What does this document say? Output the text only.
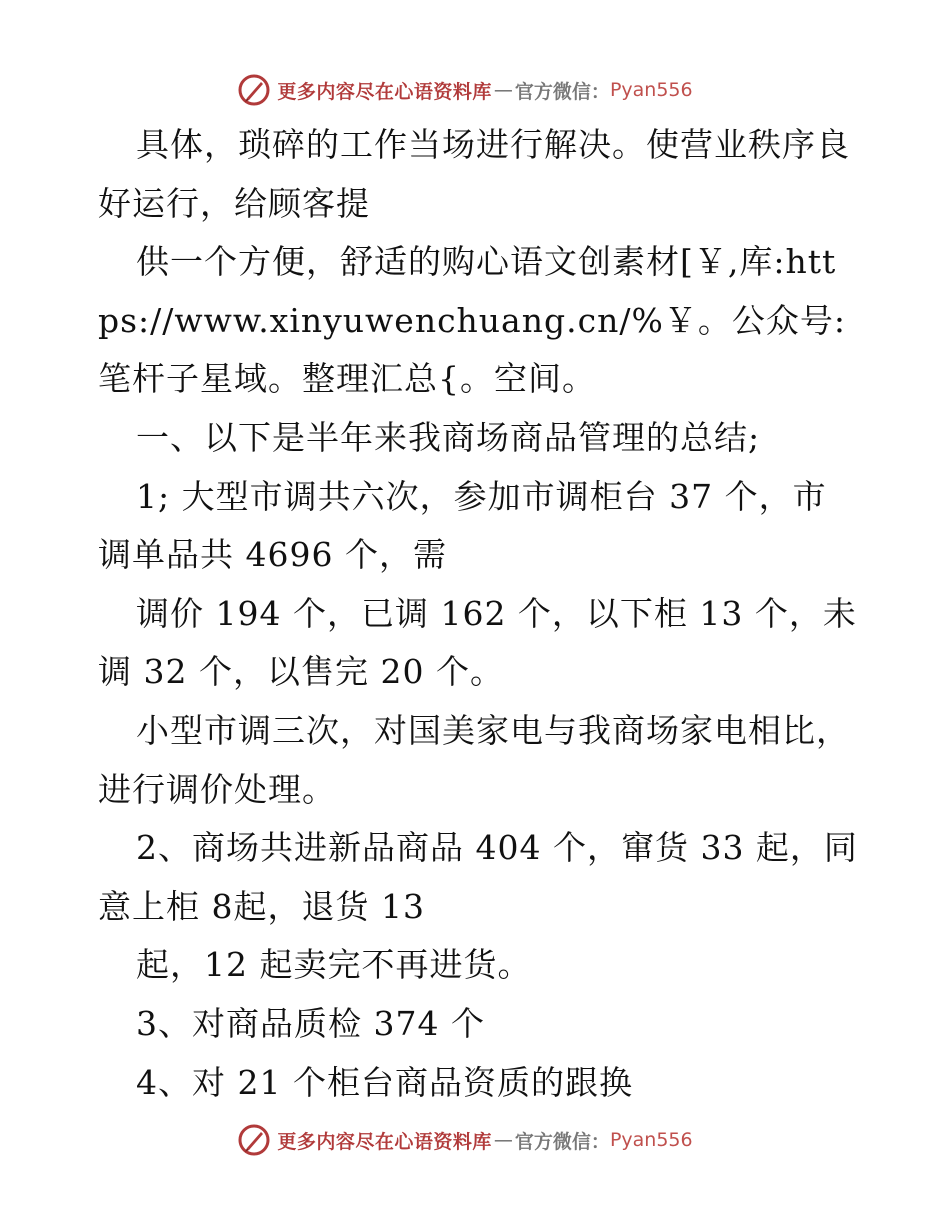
更多内容尽在心语资料库 — 官方微信： Pyan556

具体，琐碎的工作当场进行解决。使营业秩序良好运行，给顾客提

供一个方便，舒适的购心语文创素材[￥,库:https://www.xinyuwenchuang.cn/%￥。公众号:笔杆子星域。整理汇总{。空间。

一、以下是半年来我商场商品管理的总结;

1; 大型市调共六次，参加市调柜台 37 个，市调单品共 4696 个，需

调价 194 个，已调 162 个，以下柜 13 个，未调 32 个，以售完 20 个。

小型市调三次，对国美家电与我商场家电相比，进行调价处理。

2、商场共进新品商品 404 个，窜货 33 起，同意上柜 8起，退货 13

起，12 起卖完不再进货。

3、对商品质检 374 个

4、对 21 个柜台商品资质的跟换

更多内容尽在心语资料库 — 官方微信： Pyan556
